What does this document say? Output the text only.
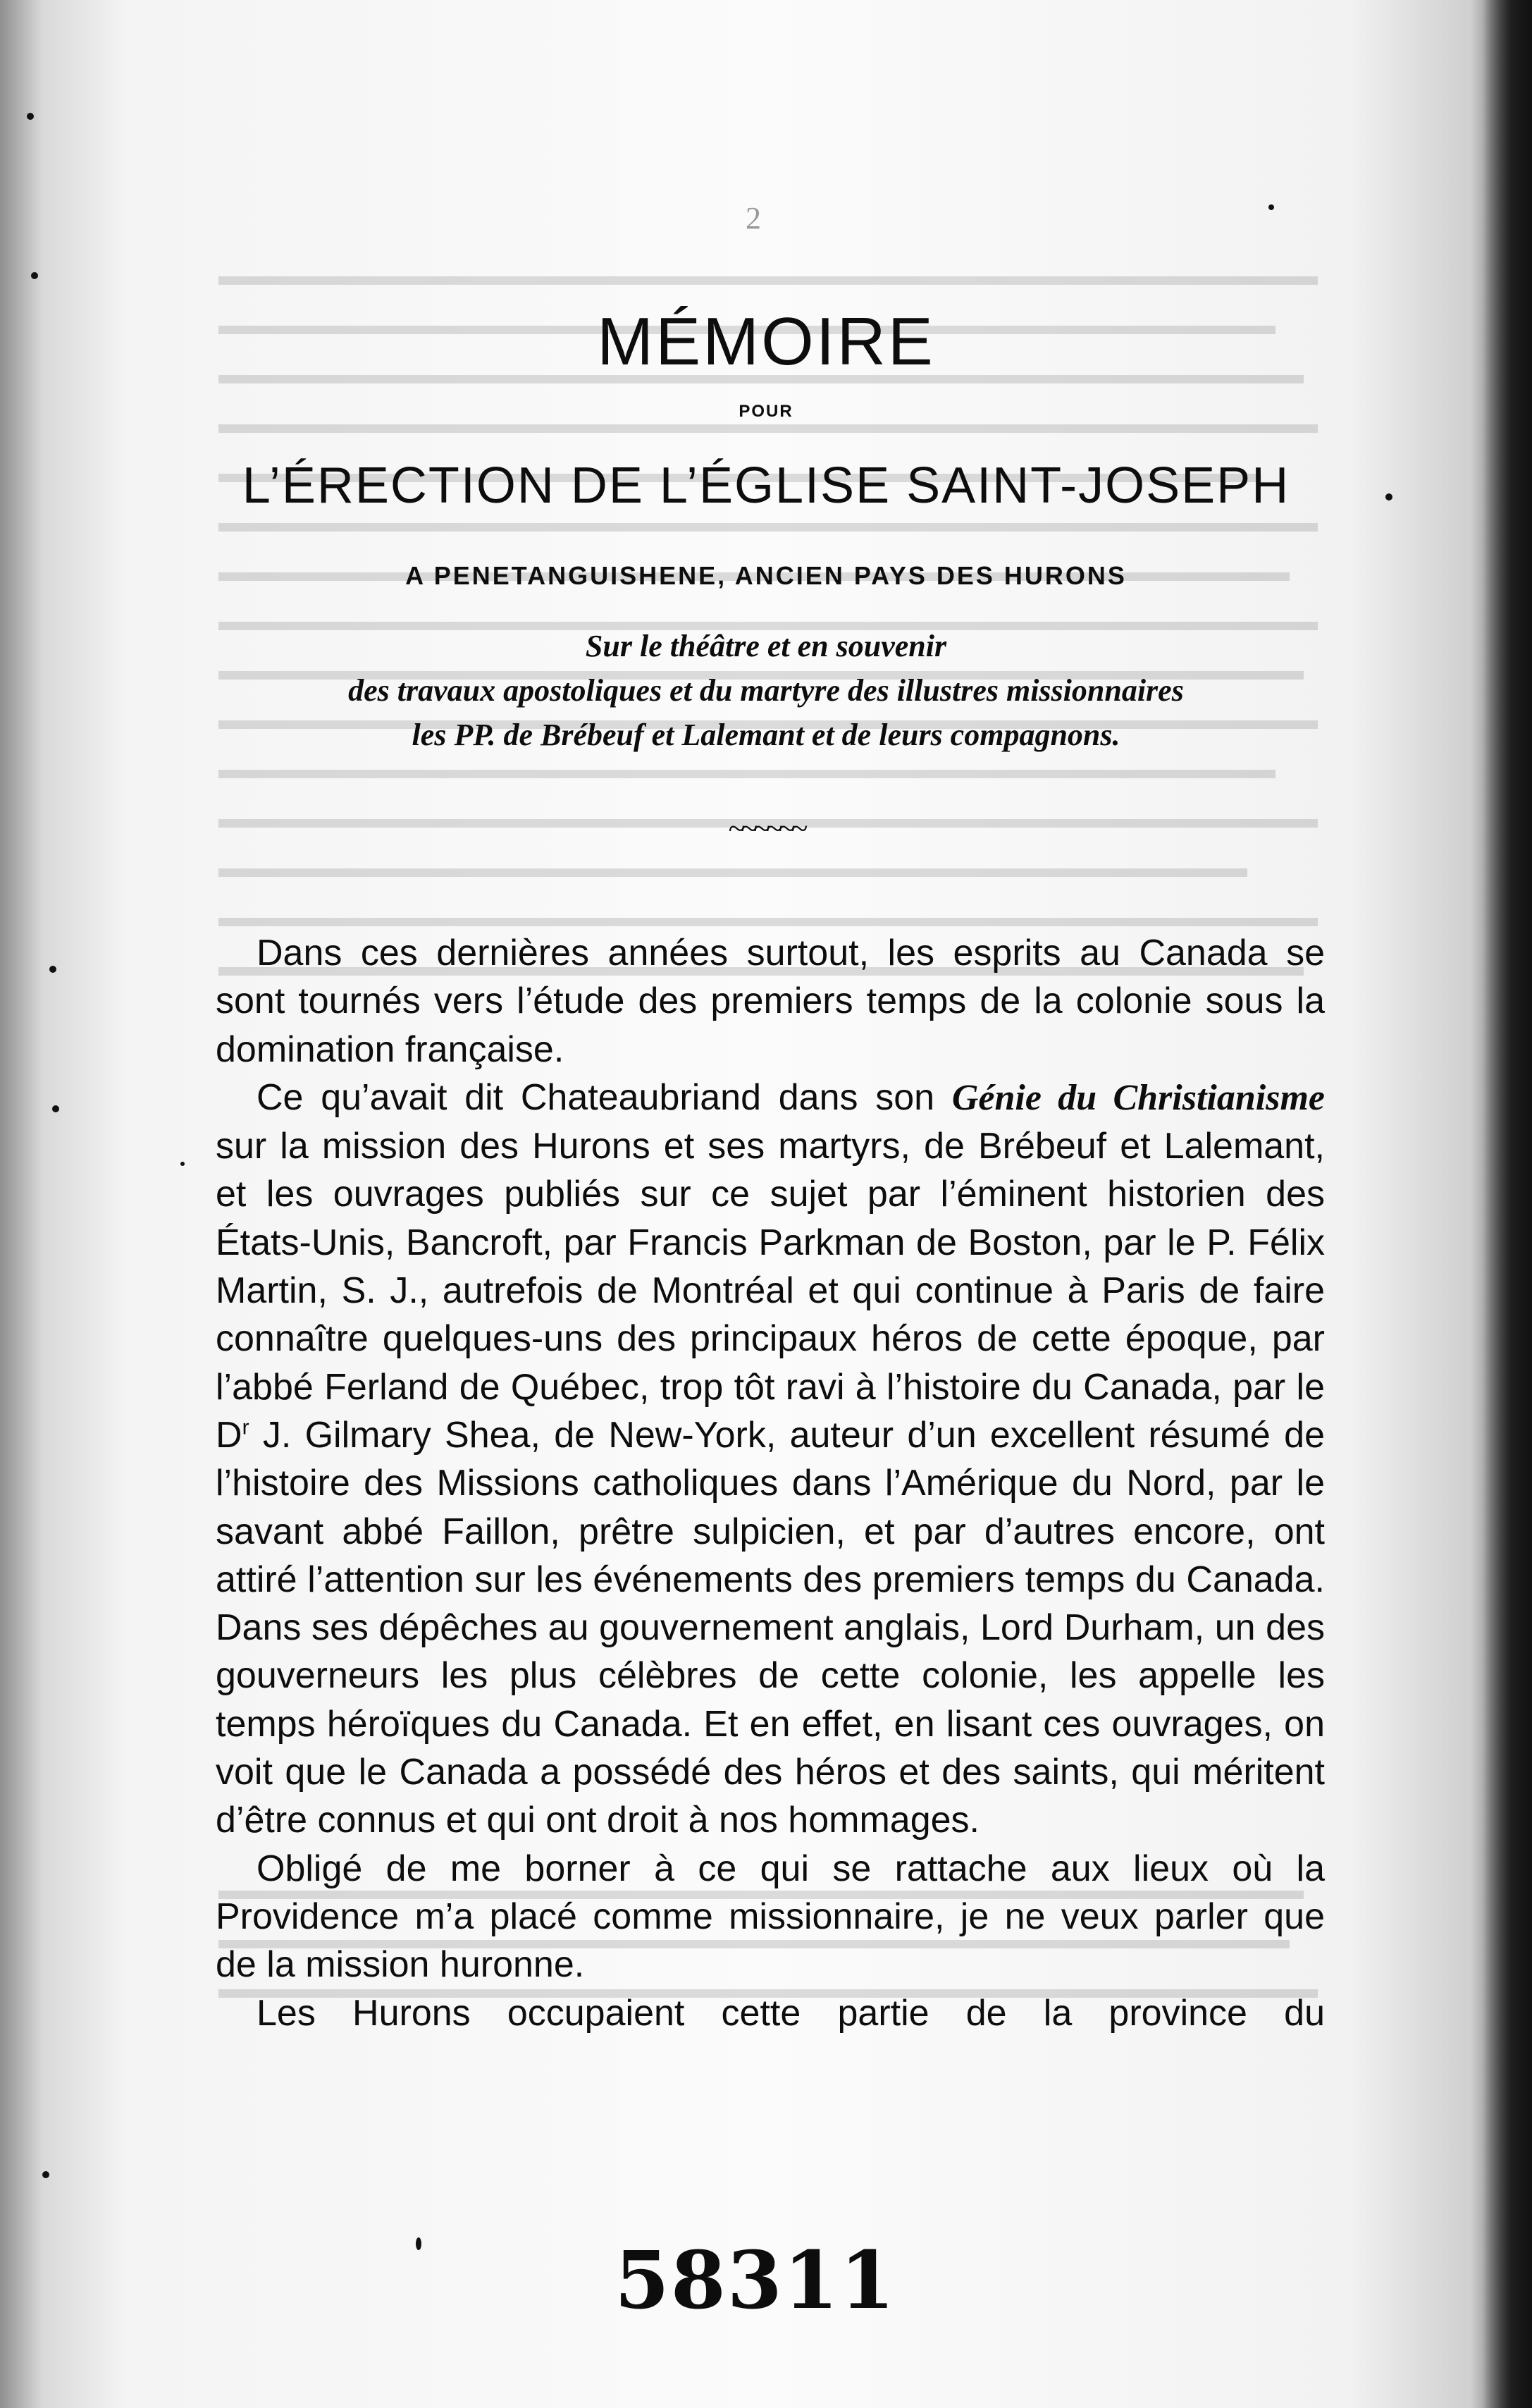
2
MÉMOIRE
POUR
L’ÉRECTION DE L’ÉGLISE SAINT-JOSEPH
A PENETANGUISHENE, ANCIEN PAYS DES HURONS
Sur le théâtre et en souvenir
des travaux apostoliques et du martyre des illustres missionnaires
les PP. de Brébeuf et Lalemant et de leurs compagnons.
~~~~~~

Dans ces dernières années surtout, les esprits au Canada se sont tournés vers l’étude des premiers temps de la colonie sous la domination française.

Ce qu’avait dit Chateaubriand dans son Génie du Christianisme sur la mission des Hurons et ses martyrs, de Brébeuf et Lalemant, et les ouvrages publiés sur ce sujet par l’éminent historien des États-Unis, Bancroft, par Francis Parkman de Boston, par le P. Félix Martin, S. J., autrefois de Montréal et qui continue à Paris de faire connaître quelques-uns des principaux héros de cette époque, par l’abbé Ferland de Québec, trop tôt ravi à l’histoire du Canada, par le $D^r$ J. Gilmary Shea, de New-York, auteur d’un excellent résumé de l’histoire des Missions catholiques dans l’Amérique du Nord, par le savant abbé Faillon, prêtre sulpicien, et par d’autres encore, ont attiré l’attention sur les événements des premiers temps du Canada. Dans ses dépêches au gouvernement anglais, Lord Durham, un des gouverneurs les plus célèbres de cette colonie, les appelle les temps héroïques du Canada. Et en effet, en lisant ces ouvrages, on voit que le Canada a possédé des héros et des saints, qui méritent d’être connus et qui ont droit à nos hommages.

Obligé de me borner à ce qui se rattache aux lieux où la Providence m’a placé comme missionnaire, je ne veux parler que de la mission huronne.

Les Hurons occupaient cette partie de la province du

58311
